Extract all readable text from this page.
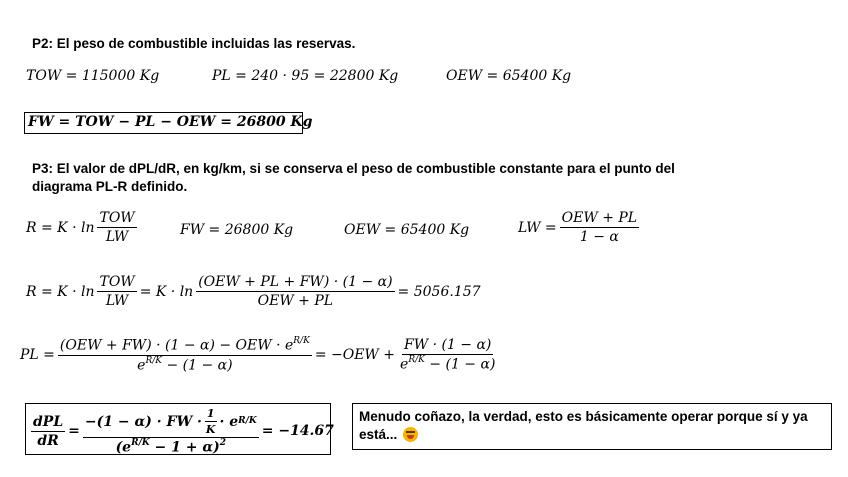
P2: El peso de combustible incluidas las reservas.
TOW = 115000 Kg	PL = 240 · 95 = 22800 Kg	OEW = 65400 Kg
FW = TOW − PL − OEW = 26800 Kg
P3: El valor de dPL/dR, en kg/km, si se conserva el peso de combustible constante para el punto del
diagrama PL-R definido.
$R = K \cdot \ln \frac{\text{TOW}}{LW}$	FW = 26800 Kg	OEW = 65400 Kg	LW = $\frac{\text{OEW + PL}}{1 - \alpha}$
$R = K \cdot \ln \frac{\text{TOW}}{LW} = K \cdot \ln \frac{\text{(OEW + PL + FW) · (1 − α)}}{\text{OEW + PL}} = 5056.157$
PL = $\frac{(OEW + FW) \cdot (1 - \alpha) - OEW \cdot e^{R/K}}{e^{R/K} - (1 - \alpha)} = -OEW + \frac{FW \cdot (1 - \alpha)}{e^{R/K} - (1 - \alpha)}$
$\frac{\text{dPL}}{dR} = \frac{-(1 - \alpha) \cdot FW \cdot \frac{1}{K} \cdot e^{R/K}}{(e^{R/K} - 1 + \alpha)^2} = -14.67$
Menudo coñazo, la verdad, esto es básicamente operar porque sí y ya está...
